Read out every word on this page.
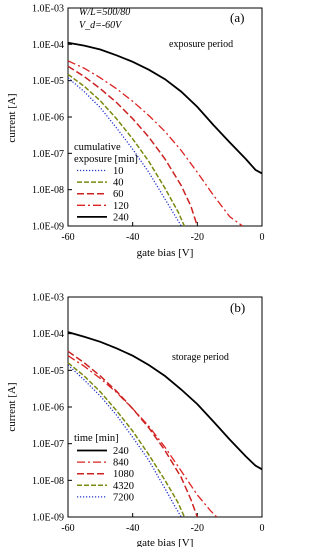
current [A]
gate bias [V]
(a)
exposure period
W/L=500/80
V_d=-60V
cumulative
exposure [min]
1.0E-09
1.0E-08
1.0E-07
1.0E-06
1.0E-05
1.0E-04
1.0E-03
-60	-40	-20	0
10
40
60
120
240
current [A]
gate bias [V]
(b)
storage period
time [min]
1.0E-09
1.0E-08
1.0E-07
1.0E-06
1.0E-05
1.0E-04
1.0E-03
-60	-40	-20	0
240
840
1080
4320
7200
